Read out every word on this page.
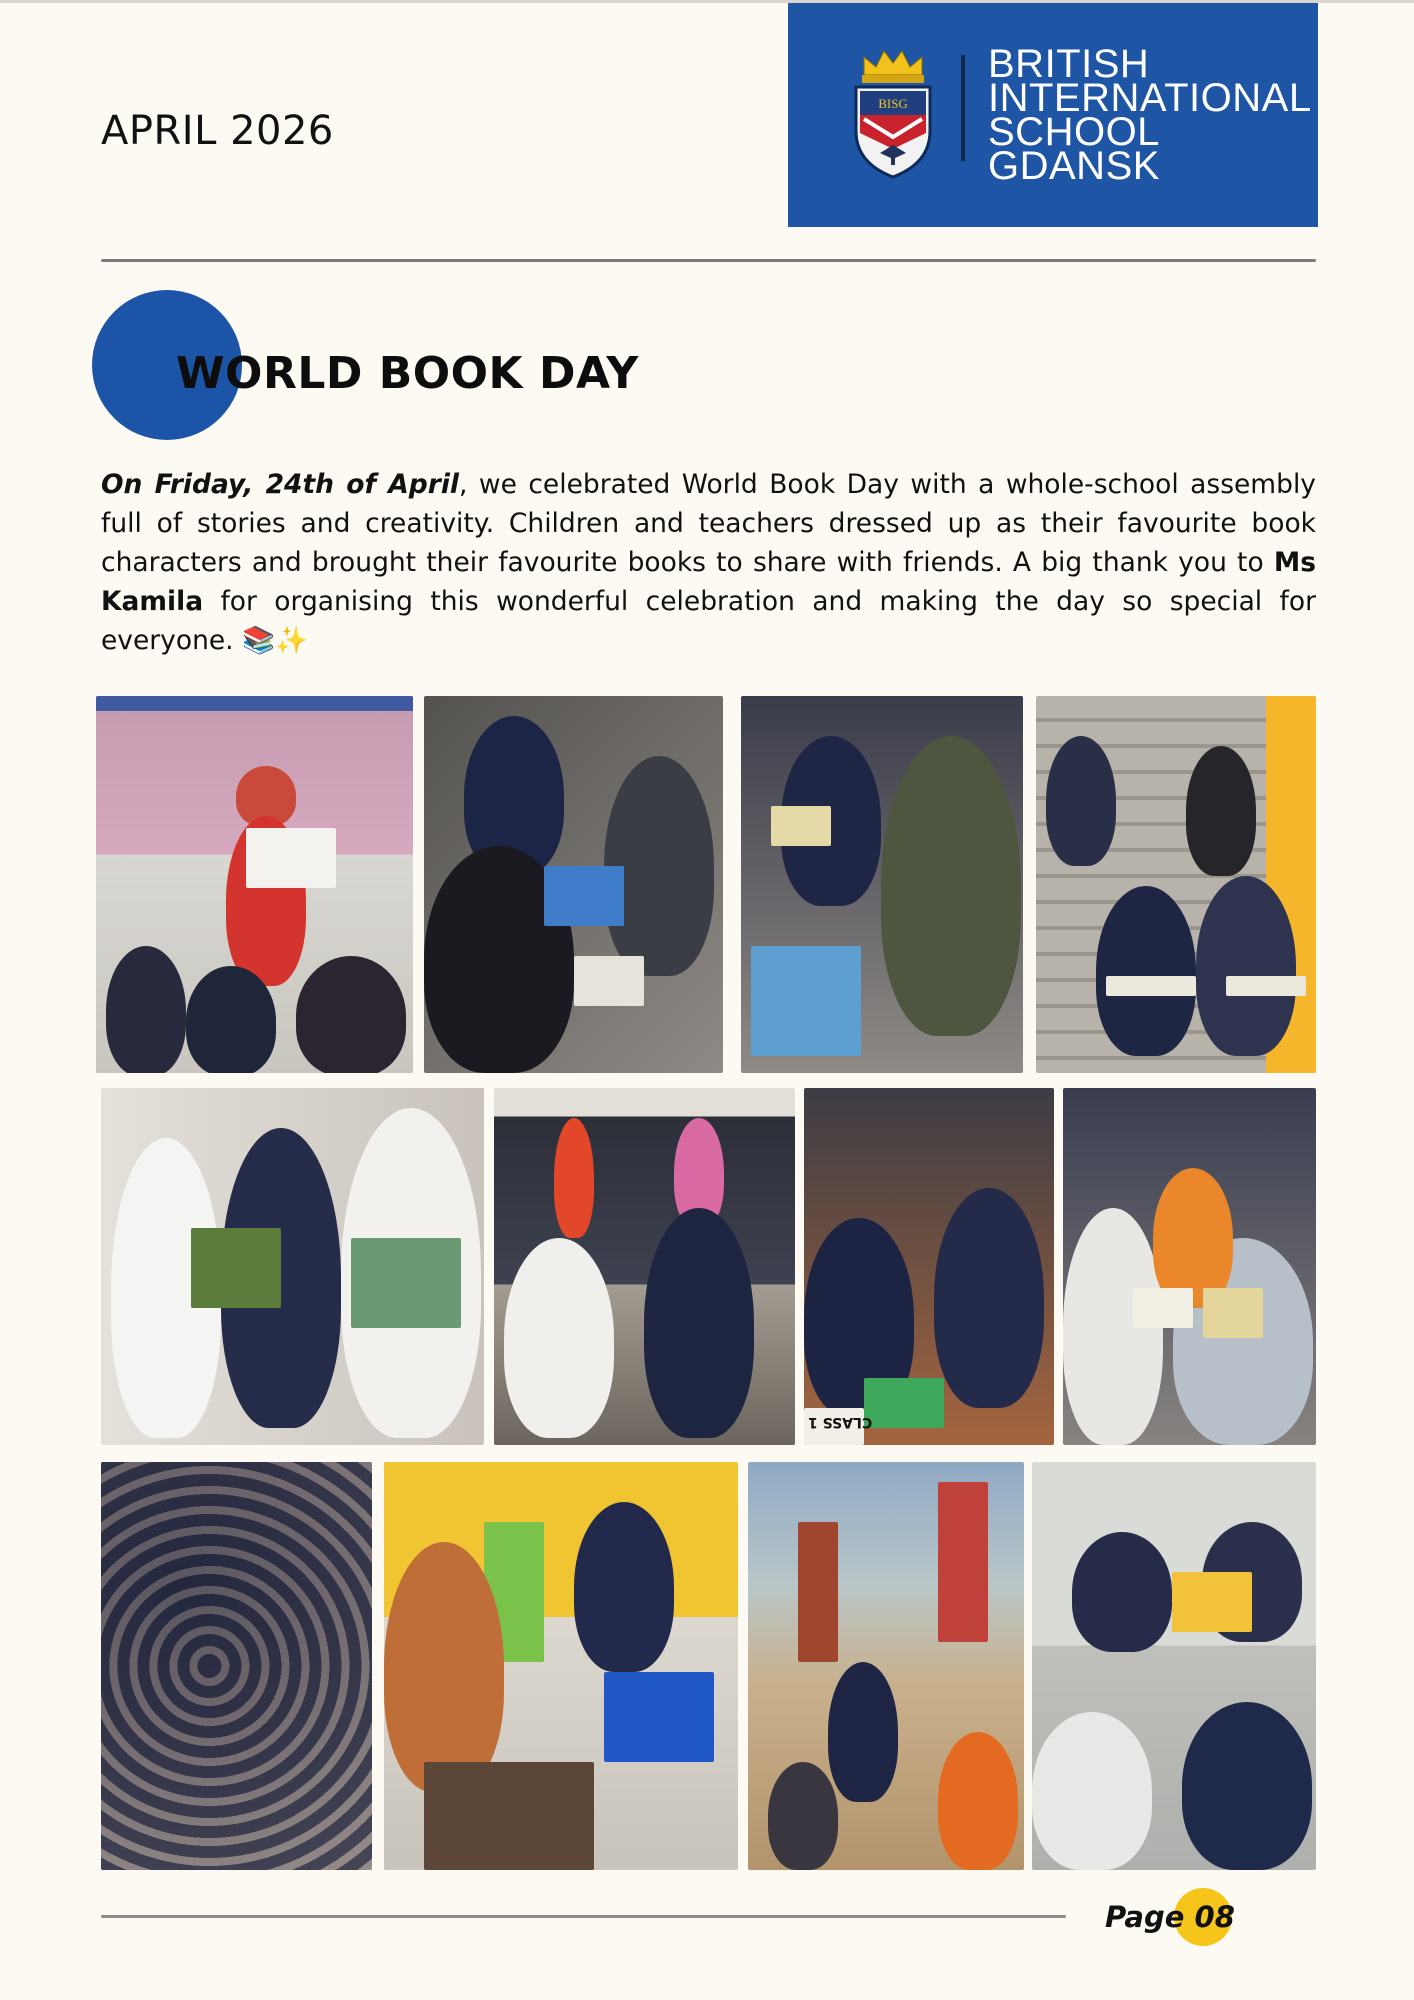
APRIL 2026
BISG
BRITISH
INTERNATIONAL
SCHOOL
GDANSK
WORLD BOOK DAY

On Friday, 24th of April, we celebrated World Book Day with a whole-school assembly full of stories and creativity. Children and teachers dressed up as their favourite book characters and brought their favourite books to share with friends. A big thank you to Ms Kamila for organising this wonderful celebration and making the day so special for everyone. 📚✨

CLASS 1
Page 08
